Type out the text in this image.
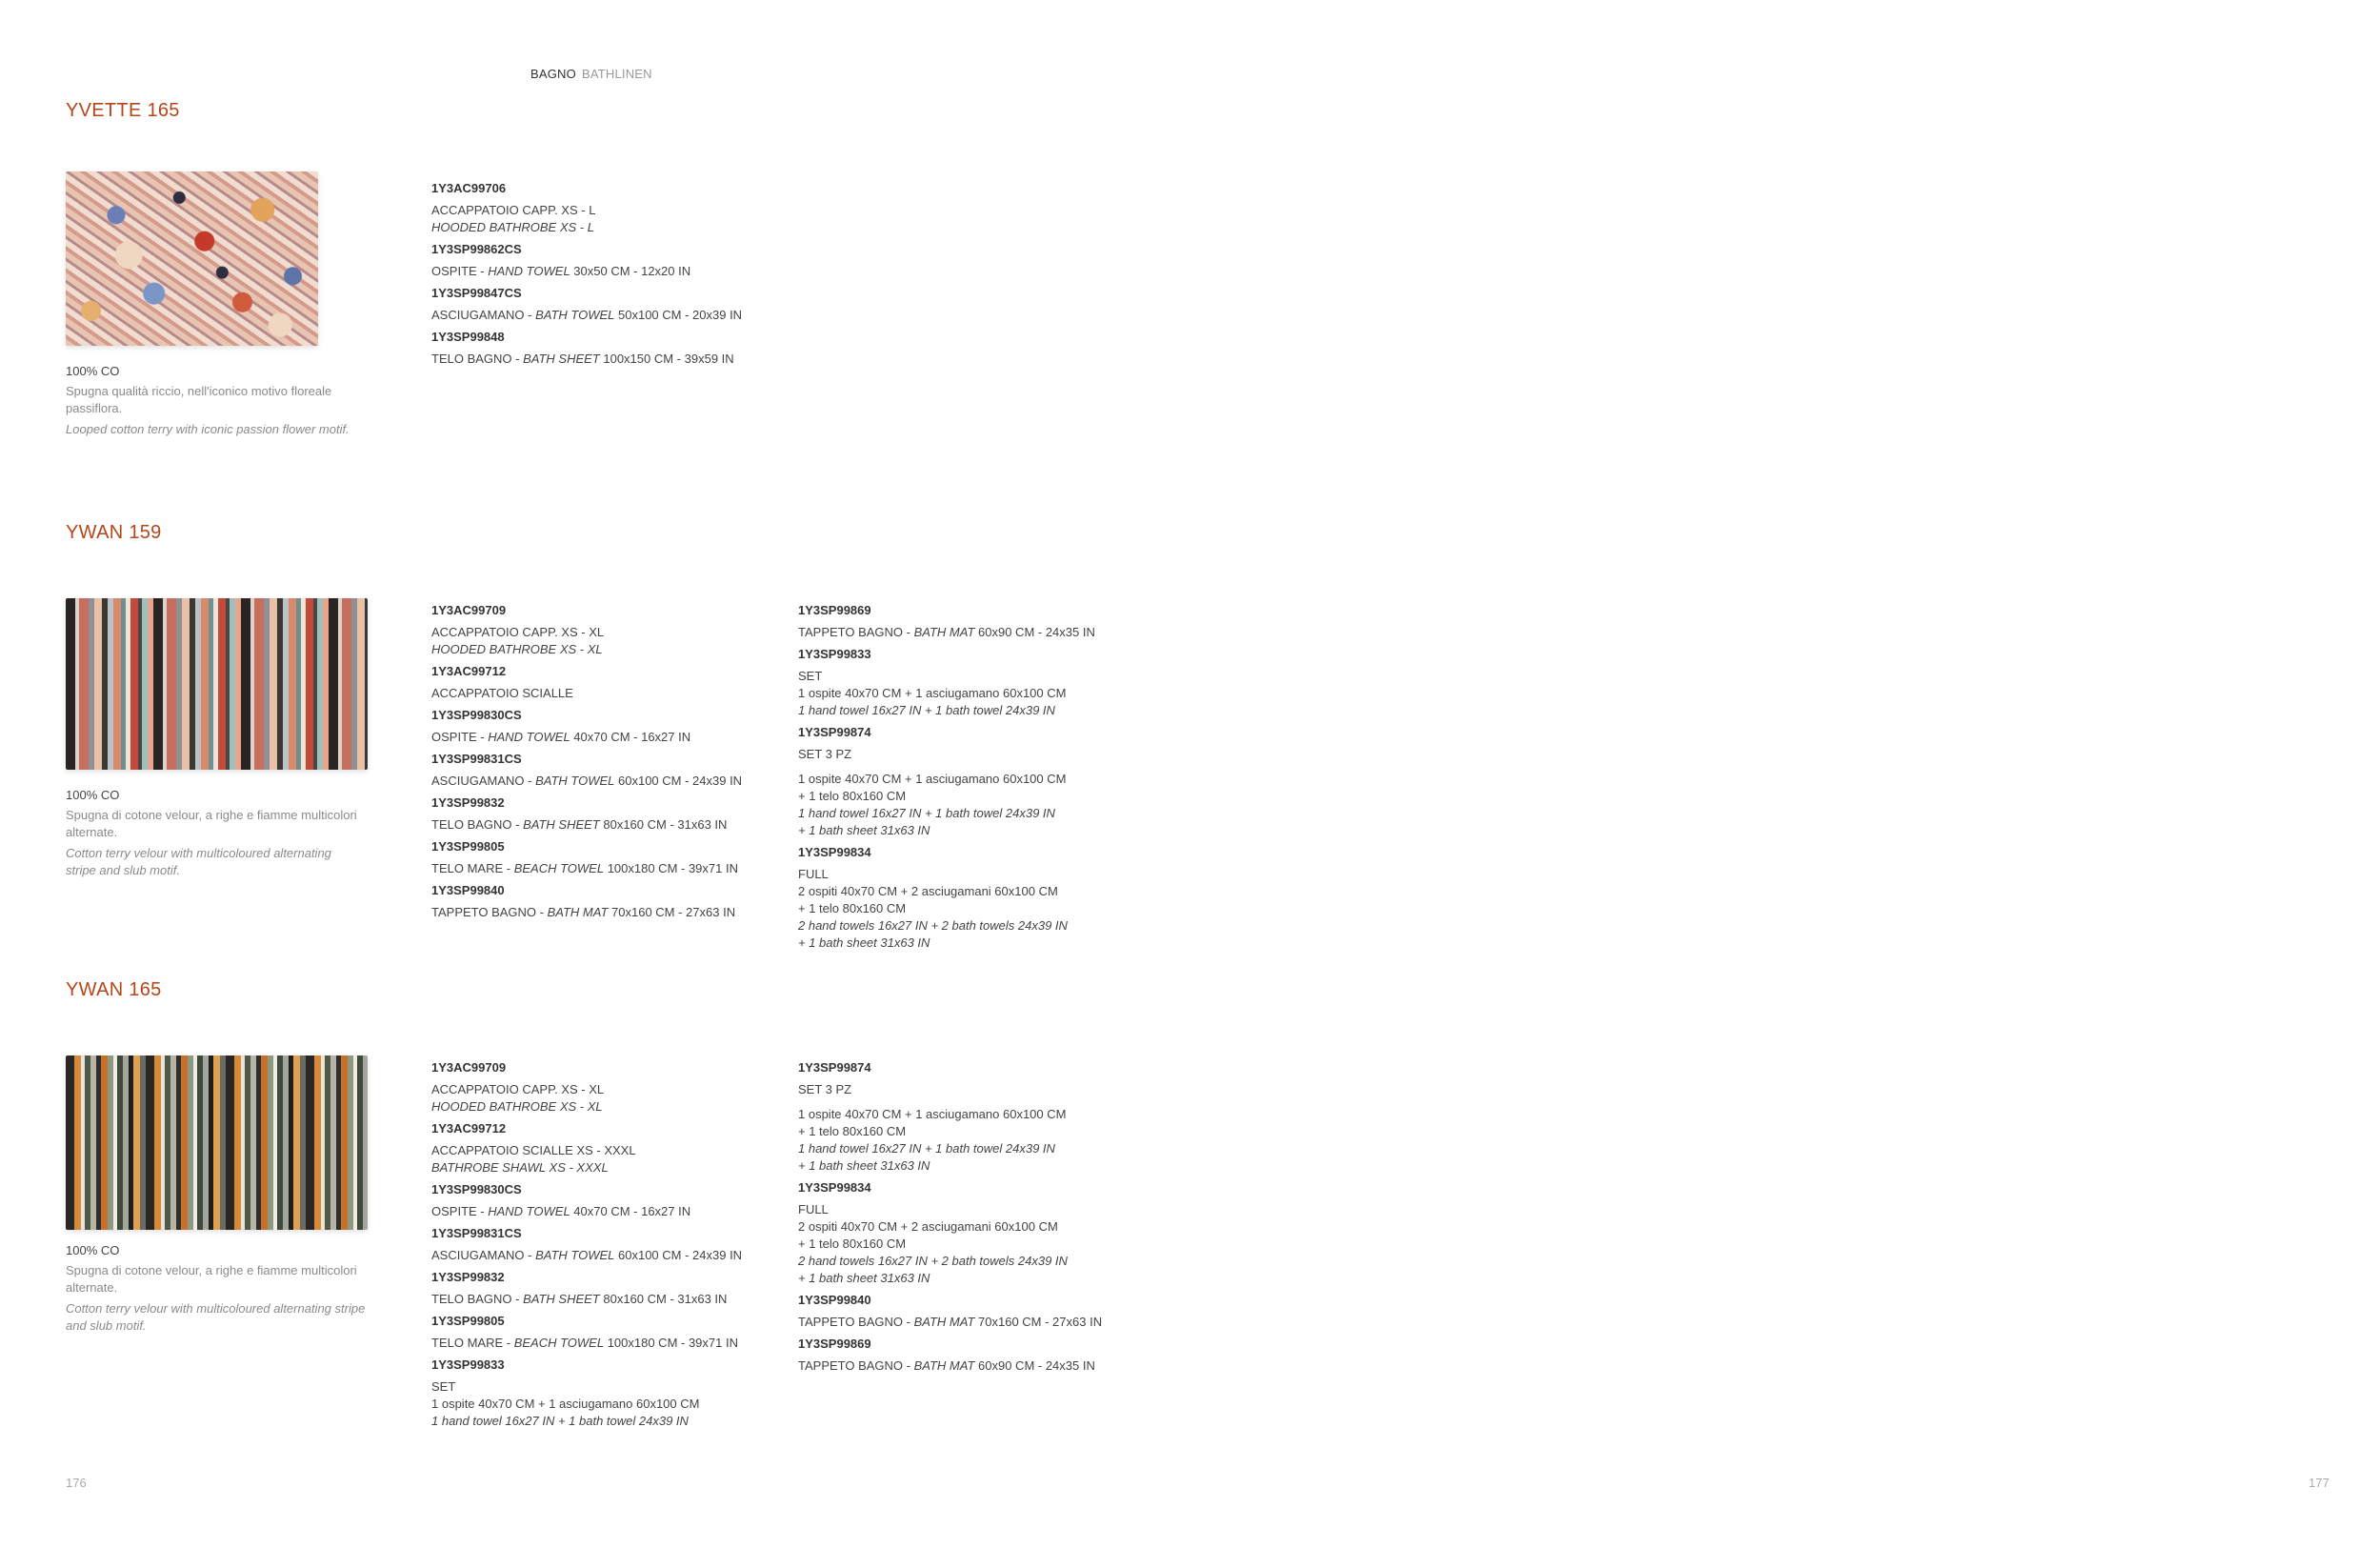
BAGNO BATHLINEN
YVETTE 165
100% CO
Spugna qualità riccio, nell'iconico motivo floreale passiflora.
Looped cotton terry with iconic passion flower motif.
1Y3AC99706
ACCAPPATOIO CAPP. XS - L
HOODED BATHROBE XS - L
1Y3SP99862CS
OSPITE - HAND TOWEL 30x50 CM - 12x20 IN
1Y3SP99847CS
ASCIUGAMANO - BATH TOWEL 50x100 CM - 20x39 IN
1Y3SP99848
TELO BAGNO - BATH SHEET 100x150 CM - 39x59 IN
YWAN 159
100% CO
Spugna di cotone velour, a righe e fiamme multicolori alternate.
Cotton terry velour with multicoloured alternating stripe and slub motif.
1Y3AC99709
ACCAPPATOIO CAPP. XS - XL
HOODED BATHROBE XS - XL
1Y3AC99712
ACCAPPATOIO SCIALLE
1Y3SP99830CS
OSPITE - HAND TOWEL 40x70 CM - 16x27 IN
1Y3SP99831CS
ASCIUGAMANO - BATH TOWEL 60x100 CM - 24x39 IN
1Y3SP99832
TELO BAGNO - BATH SHEET 80x160 CM - 31x63 IN
1Y3SP99805
TELO MARE - BEACH TOWEL 100x180 CM - 39x71 IN
1Y3SP99840
TAPPETO BAGNO - BATH MAT 70x160 CM - 27x63 IN
1Y3SP99869
TAPPETO BAGNO - BATH MAT 60x90 CM - 24x35 IN
1Y3SP99833
SET
1 ospite 40x70 CM + 1 asciugamano 60x100 CM
1 hand towel 16x27 IN + 1 bath towel 24x39 IN
1Y3SP99874
SET 3 PZ
1 ospite 40x70 CM + 1 asciugamano 60x100 CM
+ 1 telo 80x160 CM
1 hand towel 16x27 IN + 1 bath towel 24x39 IN
+ 1 bath sheet 31x63 IN
1Y3SP99834
FULL
2 ospiti 40x70 CM + 2 asciugamani 60x100 CM
+ 1 telo 80x160 CM
2 hand towels 16x27 IN + 2 bath towels 24x39 IN
+ 1 bath sheet 31x63 IN
YWAN 165
100% CO
Spugna di cotone velour, a righe e fiamme multicolori alternate.
Cotton terry velour with multicoloured alternating stripe and slub motif.
1Y3AC99709
ACCAPPATOIO CAPP. XS - XL
HOODED BATHROBE XS - XL
1Y3AC99712
ACCAPPATOIO SCIALLE XS - XXXL
BATHROBE SHAWL XS - XXXL
1Y3SP99830CS
OSPITE - HAND TOWEL 40x70 CM - 16x27 IN
1Y3SP99831CS
ASCIUGAMANO - BATH TOWEL 60x100 CM - 24x39 IN
1Y3SP99832
TELO BAGNO - BATH SHEET 80x160 CM - 31x63 IN
1Y3SP99805
TELO MARE - BEACH TOWEL 100x180 CM - 39x71 IN
1Y3SP99833
SET
1 ospite 40x70 CM + 1 asciugamano 60x100 CM
1 hand towel 16x27 IN + 1 bath towel 24x39 IN
1Y3SP99874
SET 3 PZ
1 ospite 40x70 CM + 1 asciugamano 60x100 CM
+ 1 telo 80x160 CM
1 hand towel 16x27 IN + 1 bath towel 24x39 IN
+ 1 bath sheet 31x63 IN
1Y3SP99834
FULL
2 ospiti 40x70 CM + 2 asciugamani 60x100 CM
+ 1 telo 80x160 CM
2 hand towels 16x27 IN + 2 bath towels 24x39 IN
+ 1 bath sheet 31x63 IN
1Y3SP99840
TAPPETO BAGNO - BATH MAT 70x160 CM - 27x63 IN
1Y3SP99869
TAPPETO BAGNO - BATH MAT 60x90 CM - 24x35 IN
176	177
